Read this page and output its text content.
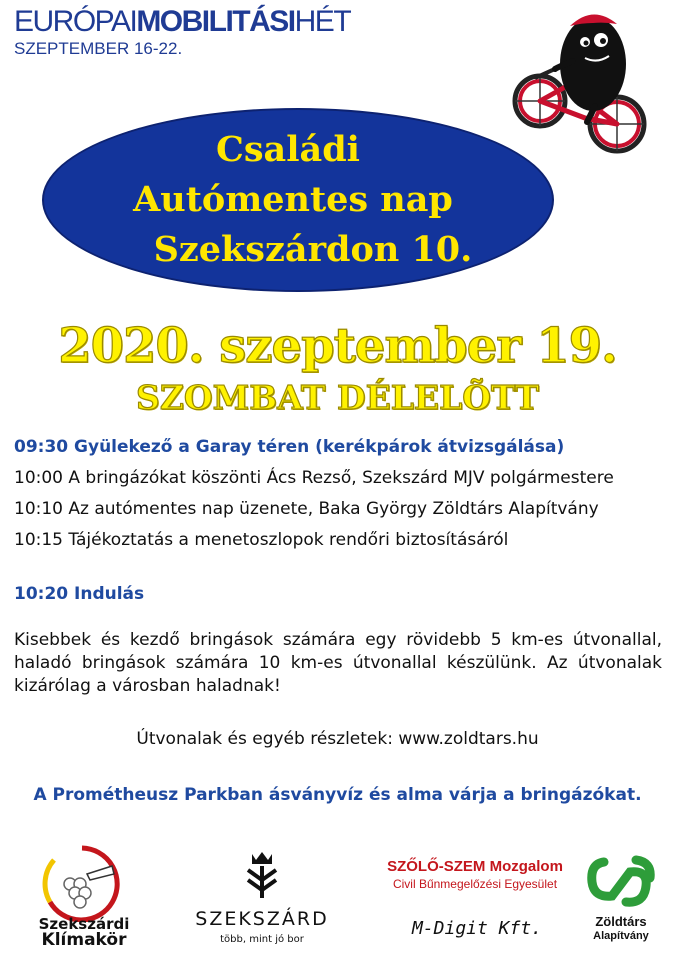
EURÓPAIMOBILITÁSIHÉT
SZEPTEMBER 16-22.
Családi
Autómentes nap
Szekszárdon 10.
2020. szeptember 19.
SZOMBAT DÉLELÕTT
09:30 Gyülekező a Garay téren (kerékpárok átvizsgálása)
10:00 A bringázókat köszönti Ács Rezső, Szekszárd MJV polgármestere
10:10 Az autómentes nap üzenete, Baka György Zöldtárs Alapítvány
10:15 Tájékoztatás a menetoszlopok rendőri biztosításáról
10:20 Indulás
Kisebbek és kezdő bringások számára egy rövidebb 5 km-es útvonallal, haladó bringások számára 10 km-es útvonallal készülünk. Az útvonalak kizárólag a városban haladnak!
Útvonalak és egyéb részletek: www.zoldtars.hu
A Prométheusz Parkban ásványvíz és alma várja a bringázókat.
Szekszárdi
Klímakör
SZEKSZÁRD
több, mint jó bor
SZŐLŐ-SZEM Mozgalom
Civil Bűnmegelőzési Egyesület
M-Digit Kft.	Zöldtárs
Alapítvány
